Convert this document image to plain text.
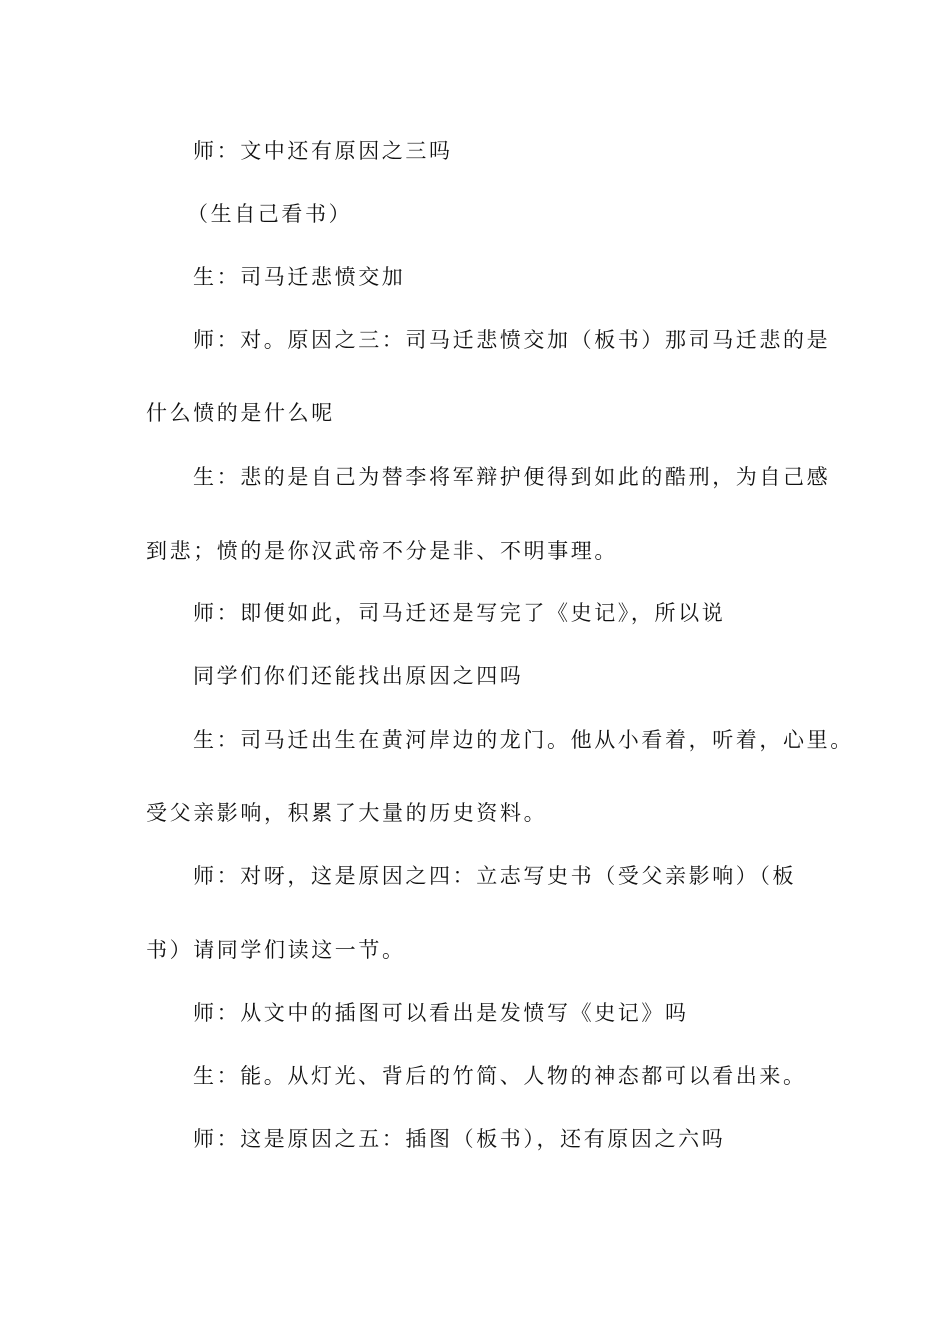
师：文中还有原因之三吗
（生自己看书）
生：司马迁悲愤交加
师：对。原因之三：司马迁悲愤交加（板书）那司马迁悲的是
什么愤的是什么呢
生：悲的是自己为替李将军辩护便得到如此的酷刑，为自己感
到悲；愤的是你汉武帝不分是非、不明事理。
师：即便如此，司马迁还是写完了《史记》，所以说
同学们你们还能找出原因之四吗
生：司马迁出生在黄河岸边的龙门。他从小看着，听着，心里。
受父亲影响，积累了大量的历史资料。
师：对呀，这是原因之四：立志写史书（受父亲影响）（板
书）请同学们读这一节。
师：从文中的插图可以看出是发愤写《史记》吗
生：能。从灯光、背后的竹简、人物的神态都可以看出来。
师：这是原因之五：插图（板书），还有原因之六吗
